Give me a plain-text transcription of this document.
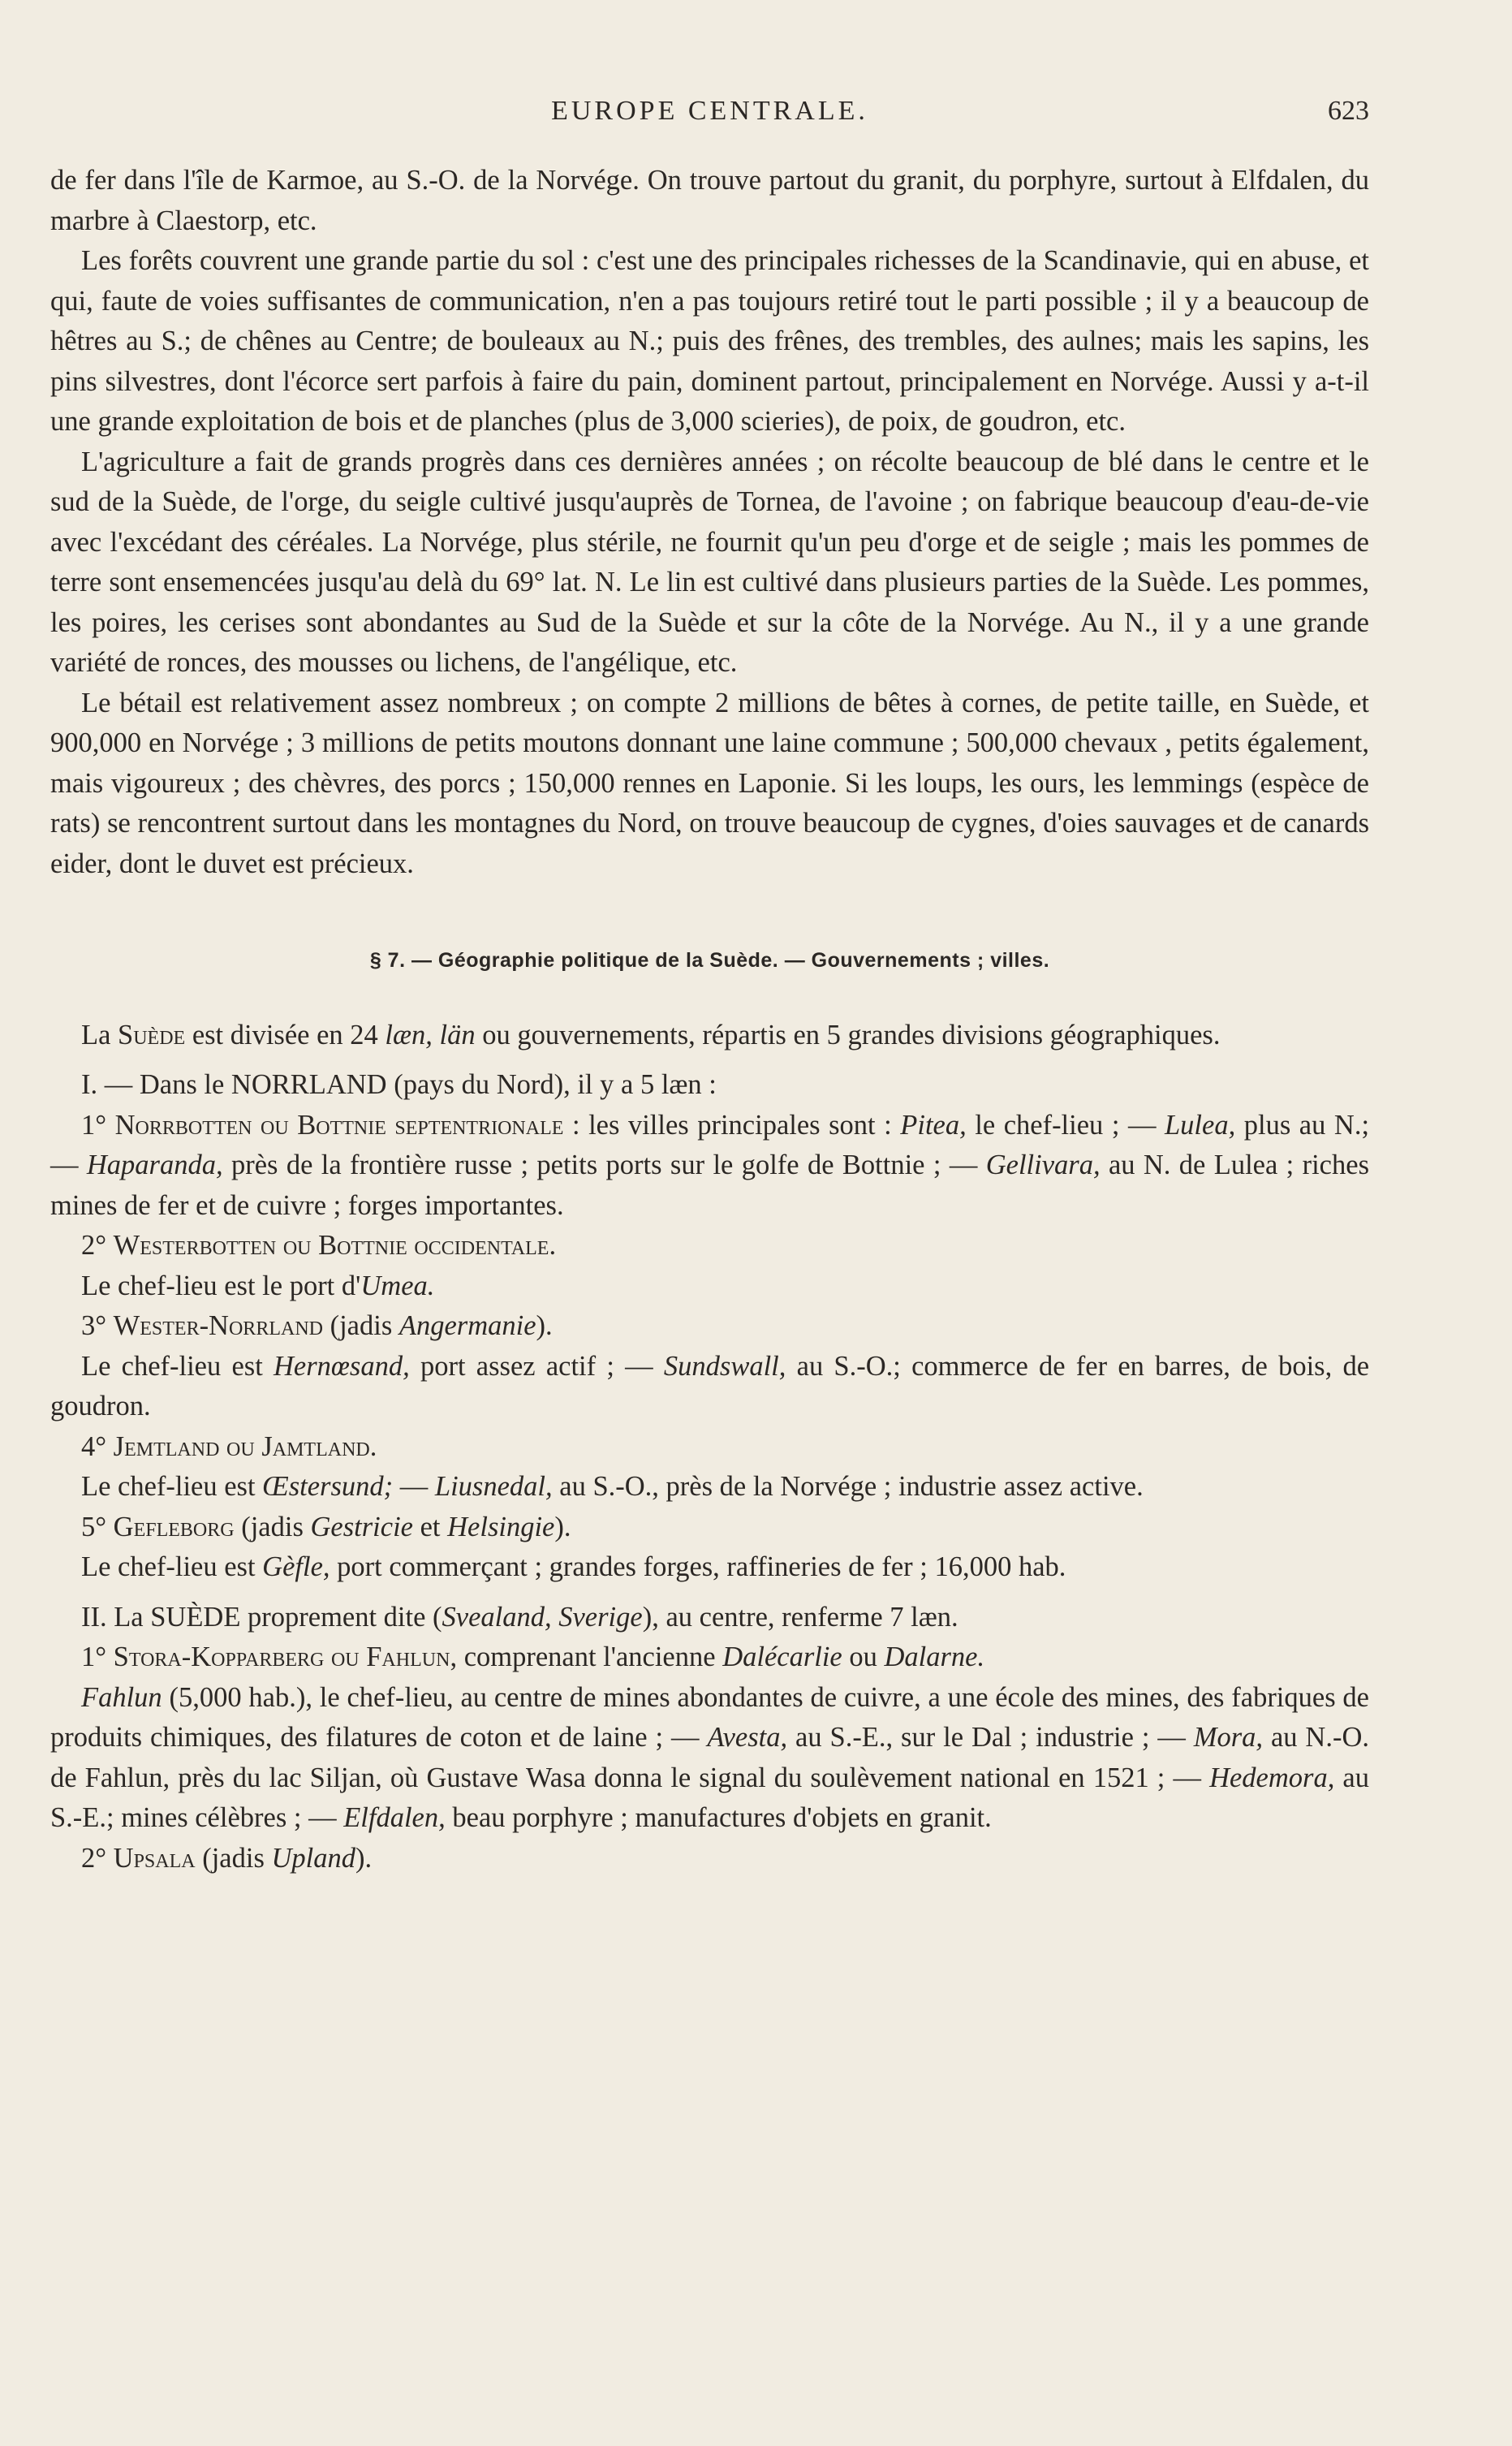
EUROPE CENTRALE.	623

de fer dans l'île de Karmoe, au S.-O. de la Norvége. On trouve partout du granit, du porphyre, surtout à Elfdalen, du marbre à Claestorp, etc.

Les forêts couvrent une grande partie du sol : c'est une des principales richesses de la Scandinavie, qui en abuse, et qui, faute de voies suffisantes de communication, n'en a pas toujours retiré tout le parti possible ; il y a beaucoup de hêtres au S.; de chênes au Centre; de bouleaux au N.; puis des frênes, des trembles, des aulnes; mais les sapins, les pins silvestres, dont l'écorce sert parfois à faire du pain, dominent partout, principalement en Norvége. Aussi y a-t-il une grande exploitation de bois et de planches (plus de 3,000 scieries), de poix, de goudron, etc.

L'agriculture a fait de grands progrès dans ces dernières années ; on récolte beaucoup de blé dans le centre et le sud de la Suède, de l'orge, du seigle cultivé jusqu'auprès de Tornea, de l'avoine ; on fabrique beaucoup d'eau-de-vie avec l'excédant des céréales. La Norvége, plus stérile, ne fournit qu'un peu d'orge et de seigle ; mais les pommes de terre sont ensemencées jusqu'au delà du 69° lat. N. Le lin est cultivé dans plusieurs parties de la Suède. Les pommes, les poires, les cerises sont abondantes au Sud de la Suède et sur la côte de la Norvége. Au N., il y a une grande variété de ronces, des mousses ou lichens, de l'angélique, etc.

Le bétail est relativement assez nombreux ; on compte 2 millions de bêtes à cornes, de petite taille, en Suède, et 900,000 en Norvége ; 3 millions de petits moutons donnant une laine commune ; 500,000 chevaux , petits également, mais vigoureux ; des chèvres, des porcs ; 150,000 rennes en Laponie. Si les loups, les ours, les lemmings (espèce de rats) se rencontrent surtout dans les montagnes du Nord, on trouve beaucoup de cygnes, d'oies sauvages et de canards eider, dont le duvet est précieux.

§ 7. — Géographie politique de la Suède. — Gouvernements ; villes.

La Suède est divisée en 24 læn, län ou gouvernements, répartis en 5 grandes divisions géographiques.

I. — Dans le NORRLAND (pays du Nord), il y a 5 læn :

1° Norrbotten ou Bottnie septentrionale : les villes principales sont : Pitea, le chef-lieu ; — Lulea, plus au N.; — Haparanda, près de la frontière russe ; petits ports sur le golfe de Bottnie ; — Gellivara, au N. de Lulea ; riches mines de fer et de cuivre ; forges importantes.

2° Westerbotten ou Bottnie occidentale.

Le chef-lieu est le port d'Umea.

3° Wester-Norrland (jadis Angermanie).

Le chef-lieu est Hernœsand, port assez actif ; — Sundswall, au S.-O.; commerce de fer en barres, de bois, de goudron.

4° Jemtland ou Jamtland.

Le chef-lieu est Œstersund; — Liusnedal, au S.-O., près de la Norvége ; industrie assez active.

5° Gefleborg (jadis Gestricie et Helsingie).

Le chef-lieu est Gèfle, port commerçant ; grandes forges, raffineries de fer ; 16,000 hab.

II. La SUÈDE proprement dite (Svealand, Sverige), au centre, renferme 7 læn.

1° Stora-Kopparberg ou Fahlun, comprenant l'ancienne Dalécarlie ou Dalarne.

Fahlun (5,000 hab.), le chef-lieu, au centre de mines abondantes de cuivre, a une école des mines, des fabriques de produits chimiques, des filatures de coton et de laine ; — Avesta, au S.-E., sur le Dal ; industrie ; — Mora, au N.-O. de Fahlun, près du lac Siljan, où Gustave Wasa donna le signal du soulèvement national en 1521 ; — Hedemora, au S.-E.; mines célèbres ; — Elfdalen, beau porphyre ; manufactures d'objets en granit.

2° Upsala (jadis Upland).
